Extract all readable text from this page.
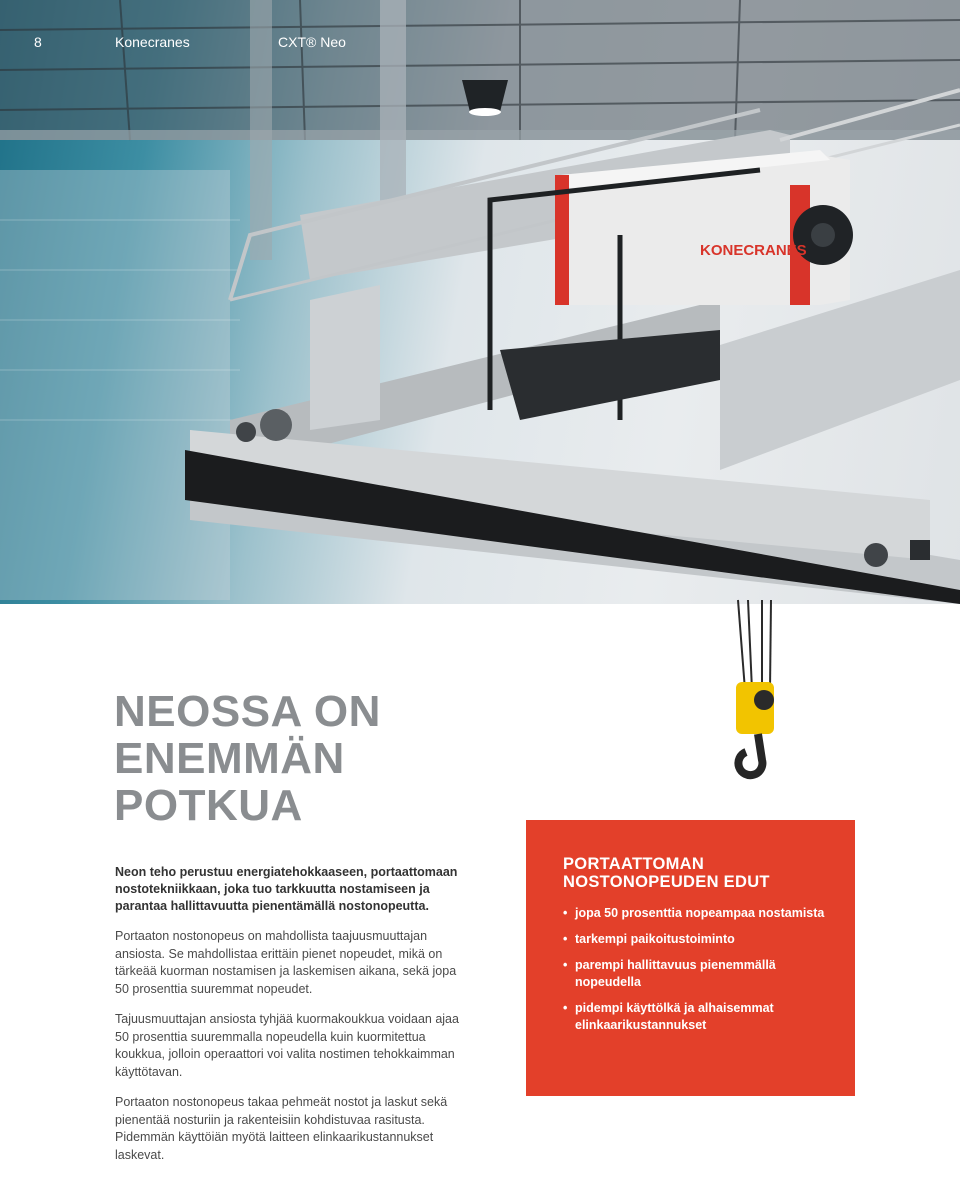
KONECRANES
8	Konecranes	CXT® Neo
NEOSSA ON
ENEMMÄN
POTKUA

Neon teho perustuu energiatehokkaaseen, portaattomaan nostotekniikkaan, joka tuo tarkkuutta nostamiseen ja parantaa hallittavuutta pienentämällä nostonopeutta.

Portaaton nostonopeus on mahdollista taajuusmuuttajan ansiosta. Se mahdollistaa erittäin pienet nopeudet, mikä on tärkeää kuorman nostamisen ja laskemisen aikana, sekä jopa 50 prosenttia suuremmat nopeudet.

Tajuusmuuttajan ansiosta tyhjää kuormakoukkua voidaan ajaa 50 prosenttia suuremmalla nopeudella kuin kuormitettua koukkua, jolloin operaattori voi valita nostimen tehokkaimman käyttötavan.

Portaaton nostonopeus takaa pehmeät nostot ja laskut sekä pienentää nosturiin ja rakenteisiin kohdistuvaa rasitusta. Pidemmän käyttöiän myötä laitteen elinkaarikustannukset laskevat.

PORTAATTOMAN
NOSTONOPEUDEN EDUT
• jopa 50 prosenttia nopeampaa nostamista
• tarkempi paikoitustoiminto
• parempi hallittavuus pienemmällä nopeudella
• pidempi käyttölkä ja alhaisemmat elinkaarikustannukset
